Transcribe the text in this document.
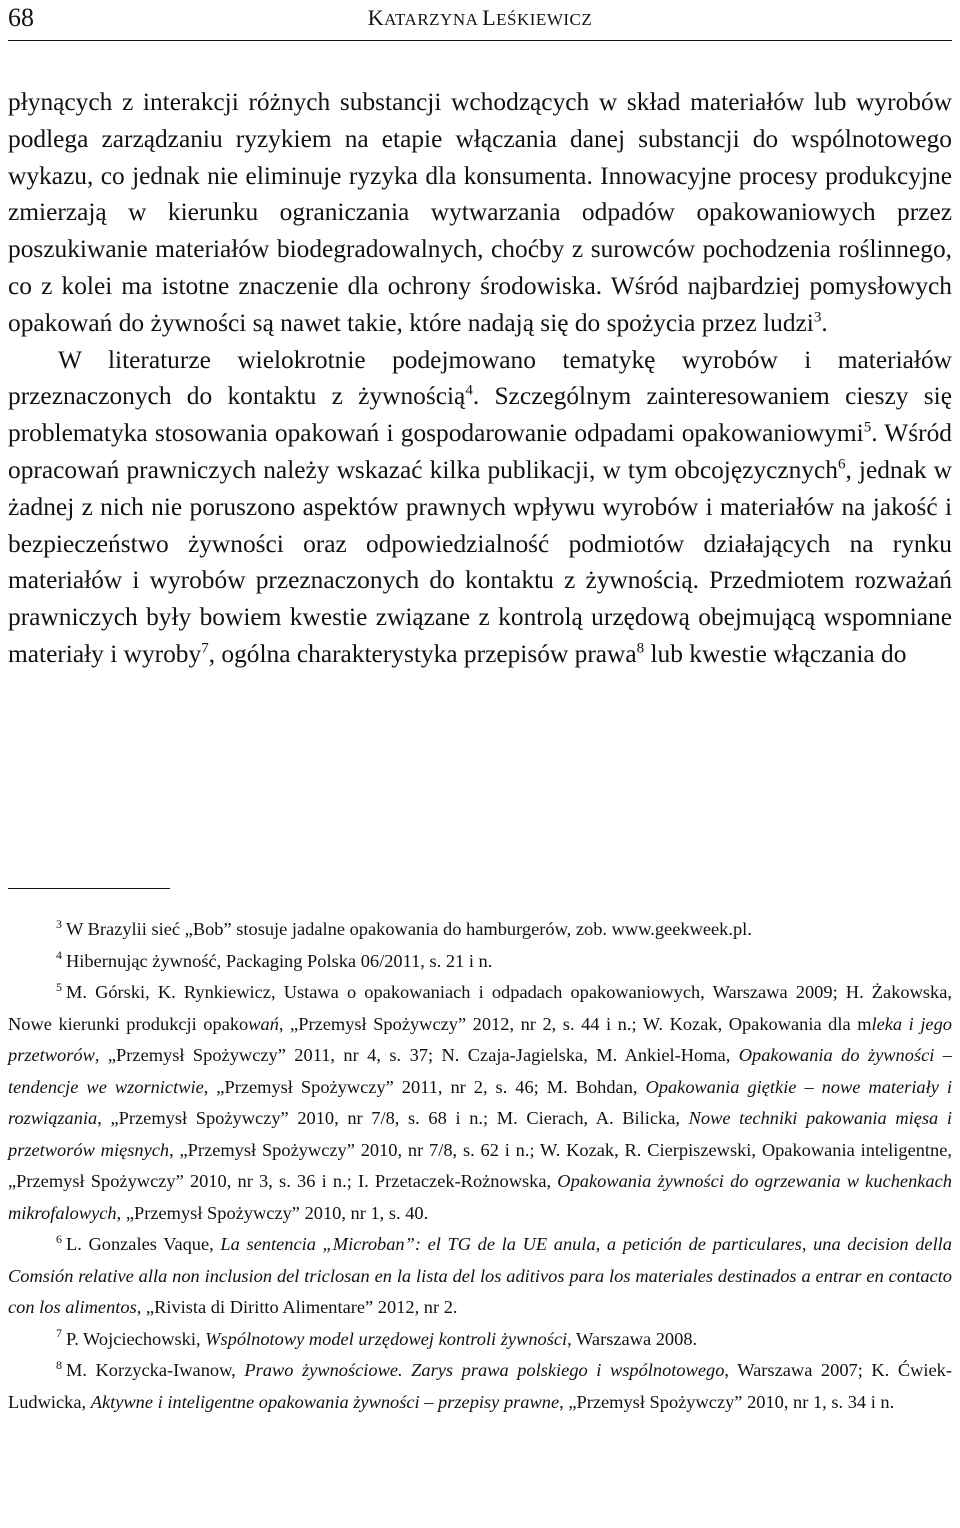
68	KATARZYNA LEŚKIEWICZ

płynących z interakcji różnych substancji wchodzących w skład materiałów lub wyrobów podlega zarządzaniu ryzykiem na etapie włączania danej substancji do wspólnotowego wykazu, co jednak nie eliminuje ryzyka dla konsumenta. Innowacyjne procesy produkcyjne zmierzają w kierunku ograniczania wytwarzania odpadów opakowaniowych przez poszukiwanie materiałów biodegradowalnych, choćby z surowców pochodzenia roślinnego, co z kolei ma istotne znaczenie dla ochrony środowiska. Wśród najbardziej pomysłowych opakowań do żywności są nawet takie, które nadają się do spożycia przez ludzi$^3$.

W literaturze wielokrotnie podejmowano tematykę wyrobów i materiałów przeznaczonych do kontaktu z żywnością$^4$. Szczególnym zainteresowaniem cieszy się problematyka stosowania opakowań i gospodarowanie odpadami opakowaniowymi$^5$. Wśród opracowań prawniczych należy wskazać kilka publikacji, w tym obcojęzycznych$^6$, jednak w żadnej z nich nie poruszono aspektów prawnych wpływu wyrobów i materiałów na jakość i bezpieczeństwo żywności oraz odpowiedzialność podmiotów działających na rynku materiałów i wyrobów przeznaczonych do kontaktu z żywnością. Przedmiotem rozważań prawniczych były bowiem kwestie związane z kontrolą urzędową obejmującą wspomniane materiały i wyroby$^7$, ogólna charakterystyka przepisów prawa$^8$ lub kwestie włączania do

$^3$ W Brazylii sieć „Bob” stosuje jadalne opakowania do hamburgerów, zob. www.geekweek.pl.

$^4$ Hibernując żywność, Packaging Polska 06/2011, s. 21 i n.

$^5$ M. Górski, K. Rynkiewicz, Ustawa o opakowaniach i odpadach opakowaniowych, Warszawa 2009; H. Żakowska, Nowe kierunki produkcji opakowań, „Przemysł Spożywczy” 2012, nr 2, s. 44 i n.; W. Kozak, Opakowania dla mleka i jego przetworów, „Przemysł Spożywczy” 2011, nr 4, s. 37; N. Czaja-Jagielska, M. Ankiel-Homa, Opakowania do żywności – tendencje we wzornictwie, „Przemysł Spożywczy” 2011, nr 2, s. 46; M. Bohdan, Opakowania giętkie – nowe materiały i rozwiązania, „Przemysł Spożywczy” 2010, nr 7/8, s. 68 i n.; M. Cierach, A. Bilicka, Nowe techniki pakowania mięsa i przetworów mięsnych, „Przemysł Spożywczy” 2010, nr 7/8, s. 62 i n.; W. Kozak, R. Cierpiszewski, Opakowania inteligentne, „Przemysł Spożywczy” 2010, nr 3, s. 36 i n.; I. Przetaczek-Rożnowska, Opakowania żywności do ogrzewania w kuchenkach mikrofalowych, „Przemysł Spożywczy” 2010, nr 1, s. 40.

$^6$ L. Gonzales Vaque, La sentencia „Microban”: el TG de la UE anula, a petición de particulares, una decision della Comsión relative alla non inclusion del triclosan en la lista del los aditivos para los materiales destinados a entrar en contacto con los alimentos, „Rivista di Diritto Alimentare” 2012, nr 2.

$^7$ P. Wojciechowski, Wspólnotowy model urzędowej kontroli żywności, Warszawa 2008.

$^8$ M. Korzycka-Iwanow, Prawo żywnościowe. Zarys prawa polskiego i wspólnotowego, Warszawa 2007; K. Ćwiek-Ludwicka, Aktywne i inteligentne opakowania żywności – przepisy prawne, „Przemysł Spożywczy” 2010, nr 1, s. 34 i n.
